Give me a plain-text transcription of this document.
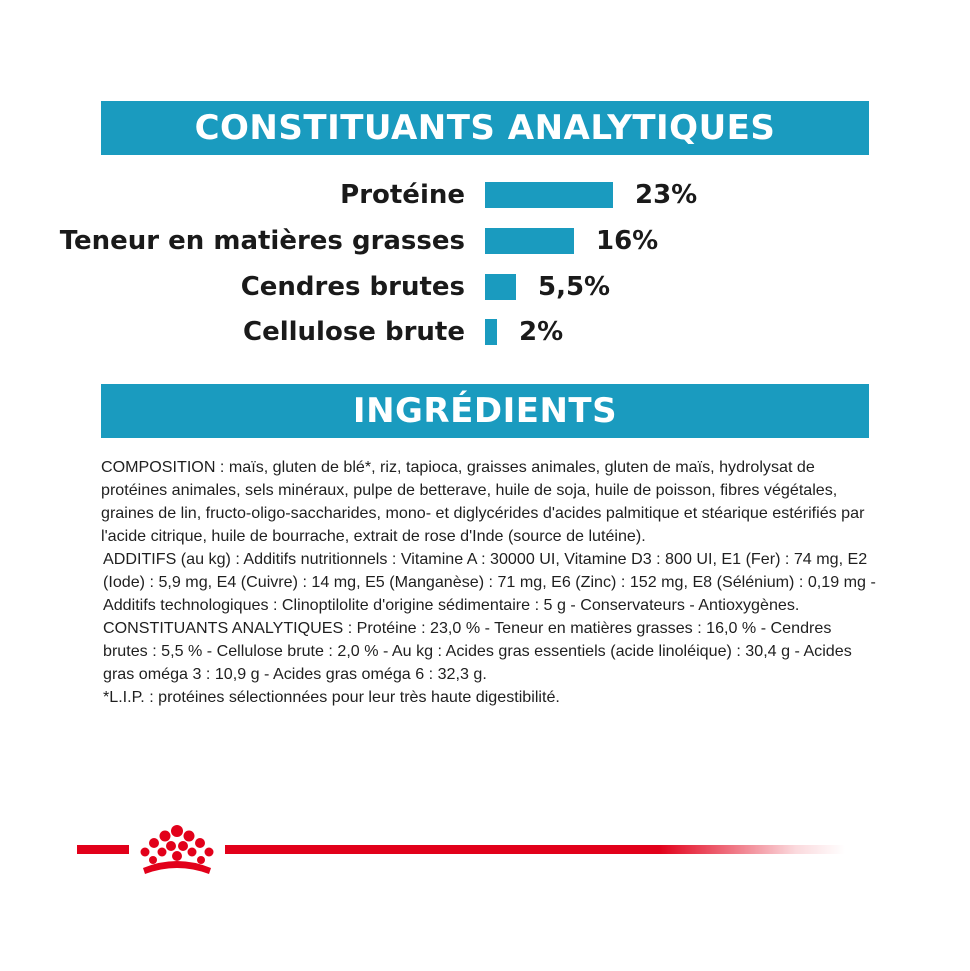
CONSTITUANTS ANALYTIQUES
Protéine	23%
Teneur en matières grasses	16%
Cendres brutes	5,5%
Cellulose brute 2%
INGRÉDIENTS

COMPOSITION : maïs, gluten de blé*, riz, tapioca, graisses animales, gluten de maïs, hydrolysat de protéines animales, sels minéraux, pulpe de betterave, huile de soja, huile de poisson, fibres végétales, graines de lin, fructo-oligo-saccharides, mono- et diglycérides d'acides palmitique et stéarique estérifiés par l'acide citrique, huile de bourrache, extrait de rose d'Inde (source de lutéine).

ADDITIFS (au kg) : Additifs nutritionnels : Vitamine A : 30000 UI, Vitamine D3 : 800 UI, E1 (Fer) : 74 mg, E2 (Iode) : 5,9 mg, E4 (Cuivre) : 14 mg, E5 (Manganèse) : 71 mg, E6 (Zinc) : 152 mg, E8 (Sélénium) : 0,19 mg - Additifs technologiques : Clinoptilolite d'origine sédimentaire : 5 g - Conservateurs - Antioxygènes.

CONSTITUANTS ANALYTIQUES : Protéine : 23,0 % - Teneur en matières grasses : 16,0 % - Cendres brutes : 5,5 % - Cellulose brute : 2,0 % - Au kg : Acides gras essentiels (acide linoléique) : 30,4 g - Acides gras oméga 3 : 10,9 g - Acides gras oméga 6 : 32,3 g.

*L.I.P. : protéines sélectionnées pour leur très haute digestibilité.
